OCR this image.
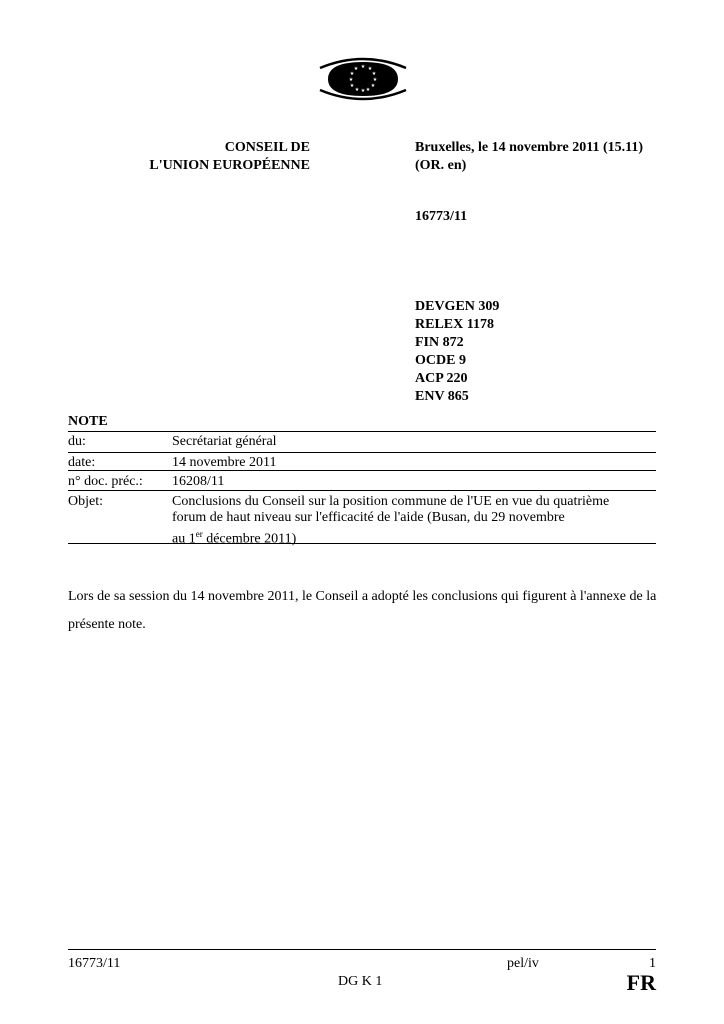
★ ★
★
★
★
★
★
★
★
★
★
★
CONSEIL DE
L'UNION EUROPÉENNE
Bruxelles, le 14 novembre 2011 (15.11)
(OR. en)
16773/11
DEVGEN 309
RELEX 1178
FIN 872
OCDE 9
ACP 220
ENV 865
NOTE
du:	Secrétariat général
date:	14 novembre 2011
n° doc. préc.: 16208/11
Objet:	Conclusions du Conseil sur la position commune de l'UE en vue du quatrième
forum de haut niveau sur l'efficacité de l'aide (Busan, du 29 novembre
au 1er décembre 2011)
Lors de sa session du 14 novembre 2011, le Conseil a adopté les conclusions qui figurent à l'annexe de la présente note.
16773/11	pel/iv	1
DG K 1	FR
